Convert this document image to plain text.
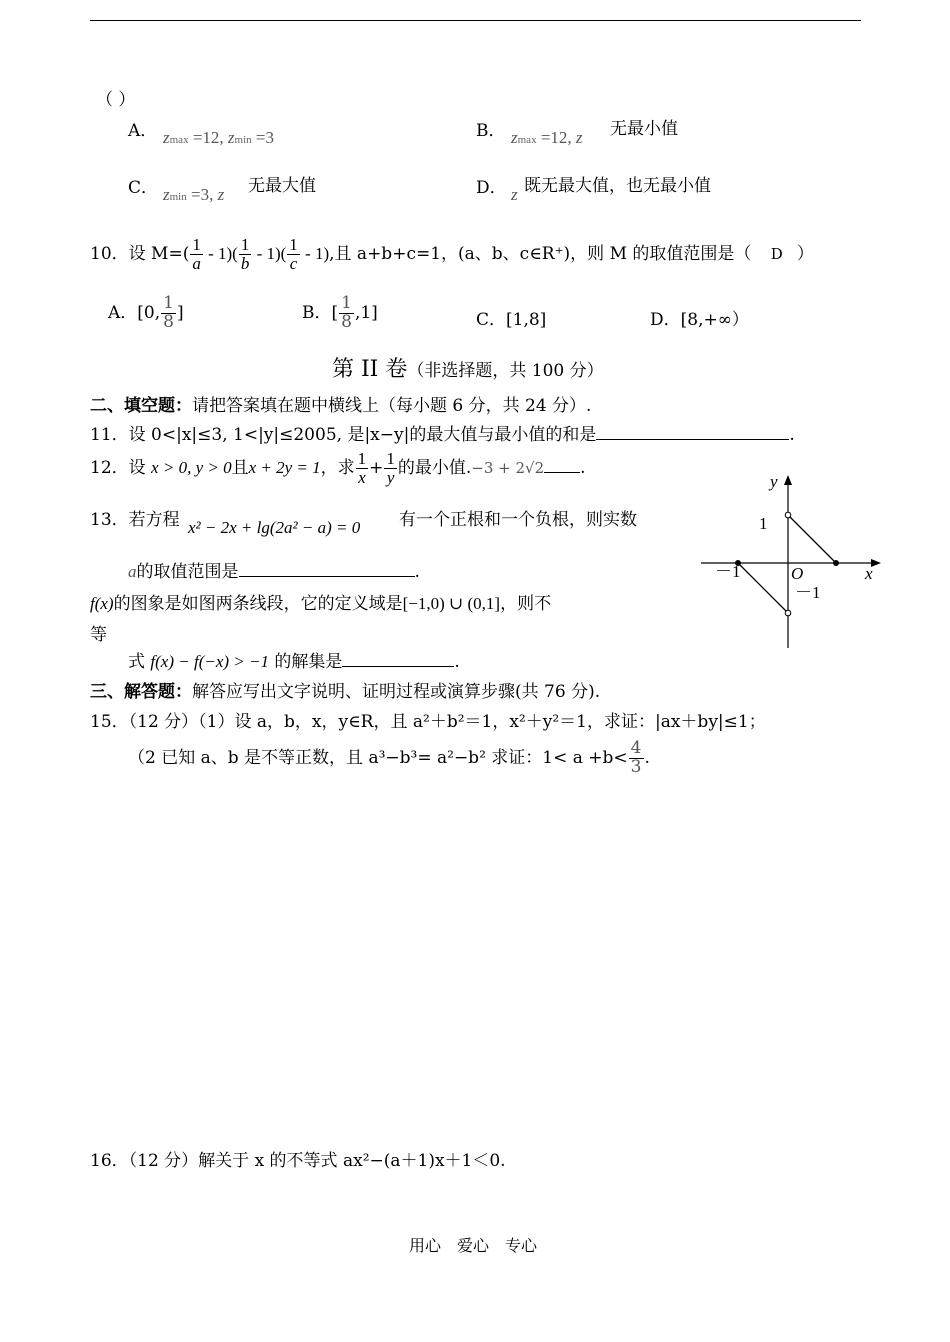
（ ）
A． zmax =12, zmin =3	B． zmax =12, z 无最小值
C． zmin =3, z 无最大值	D． z 既无最大值，也无最小值
10．设 $M=( \frac{1}{a} - 1)( \frac{1}{b} - 1)( \frac{1}{c} - 1)$,且 a+b+c=1，(a、b、c∈R⁺)，则 M 的取值范围是（ D ）
A．[0, $\frac{1}{8}$ ]	B．[ $\frac{1}{8} ,1$]	C．[1,8]	D．[8,+∞）
第 II 卷（非选择题，共 100 分）
二、填空题：请把答案填在题中横线上（每小题 6 分，共 24 分）.
11．设 0<|x|≤3, 1<|y|≤2005, 是|x−y|的最大值与最小值的和是	.
12．设 x > 0, y > 0且x + 2y = 1，求 $\frac{1}{x} + \frac{1}{y}$ 的最小值.−3 + 2√2 .
13．若方程 x² − 2x + lg(2a² − a) = 0 有一个正根和一个负根，则实数
a的取值范围是	.
f(x)的图象是如图两条线段，它的定义域是[−1,0) ∪ (0,1]，则不
等
式 f(x) − f(−x) > −1 的解集是	.
y
x
O
1
－1
－1
三、解答题：解答应写出文字说明、证明过程或演算步骤(共 76 分).
15．（12 分）（1）设 a，b，x，y∈R，且 a²＋b²＝1，x²＋y²＝1，求证：|ax＋by|≤1；
（2 已知 a、b 是不等正数，且 a³−b³= a²−b² 求证：$1< a +b< \frac{4}{3}$ .
16．（12 分）解关于 x 的不等式 ax²−(a＋1)x＋1＜0.
用心　爱心　专心
